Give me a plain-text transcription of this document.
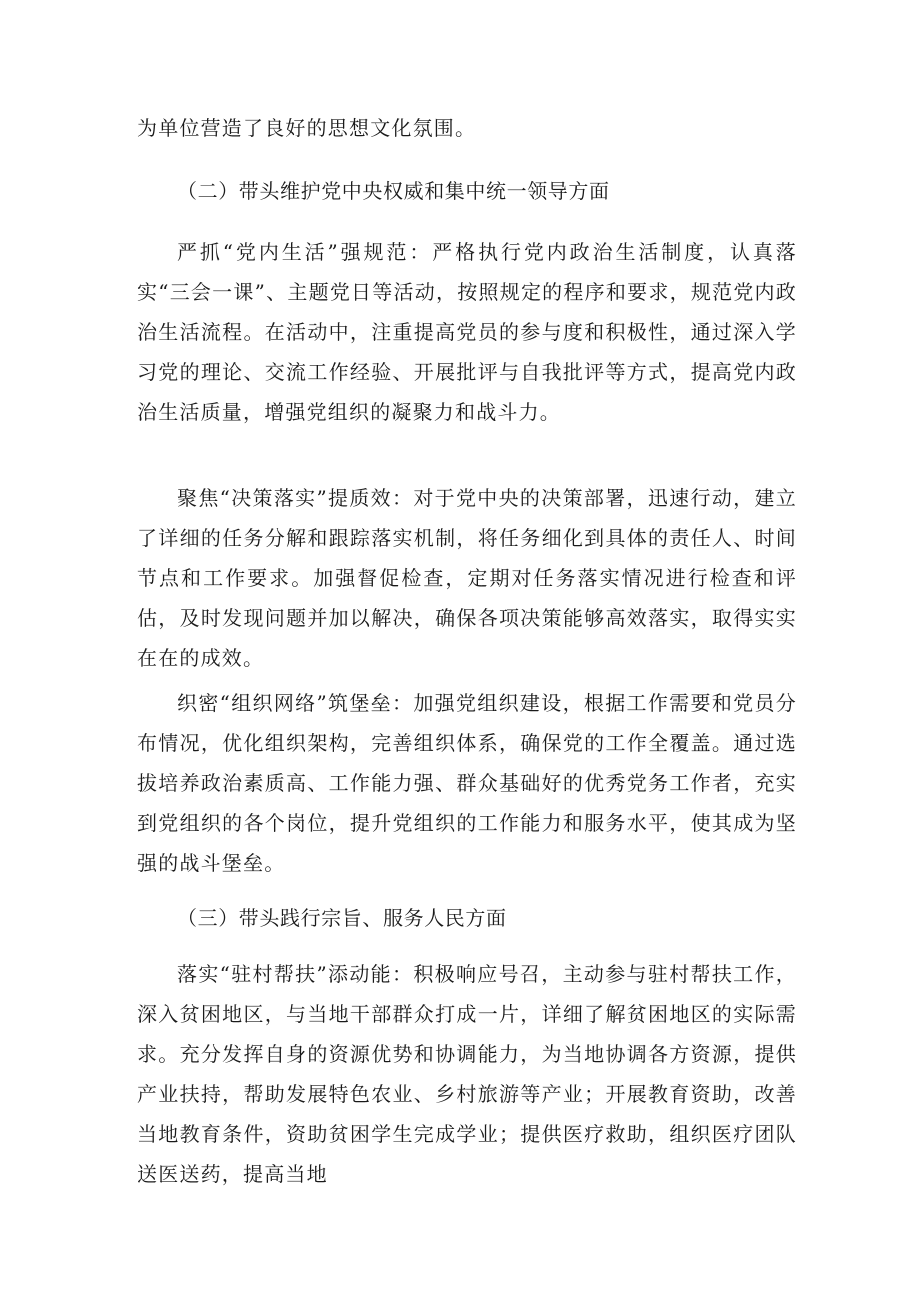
为单位营造了良好的思想文化氛围。

（二）带头维护党中央权威和集中统一领导方面

严抓“党内生活”强规范：严格执行党内政治生活制度，认真落实“三会一课”、主题党日等活动，按照规定的程序和要求，规范党内政治生活流程。在活动中，注重提高党员的参与度和积极性，通过深入学习党的理论、交流工作经验、开展批评与自我批评等方式，提高党内政治生活质量，增强党组织的凝聚力和战斗力。

聚焦“决策落实”提质效：对于党中央的决策部署，迅速行动，建立了详细的任务分解和跟踪落实机制，将任务细化到具体的责任人、时间节点和工作要求。加强督促检查，定期对任务落实情况进行检查和评估，及时发现问题并加以解决，确保各项决策能够高效落实，取得实实在在的成效。

织密“组织网络”筑堡垒：加强党组织建设，根据工作需要和党员分布情况，优化组织架构，完善组织体系，确保党的工作全覆盖。通过选拔培养政治素质高、工作能力强、群众基础好的优秀党务工作者，充实到党组织的各个岗位，提升党组织的工作能力和服务水平，使其成为坚强的战斗堡垒。

（三）带头践行宗旨、服务人民方面

落实“驻村帮扶”添动能：积极响应号召，主动参与驻村帮扶工作，深入贫困地区，与当地干部群众打成一片，详细了解贫困地区的实际需求。充分发挥自身的资源优势和协调能力，为当地协调各方资源，提供产业扶持，帮助发展特色农业、乡村旅游等产业；开展教育资助，改善当地教育条件，资助贫困学生完成学业；提供医疗救助，组织医疗团队送医送药，提高当地
